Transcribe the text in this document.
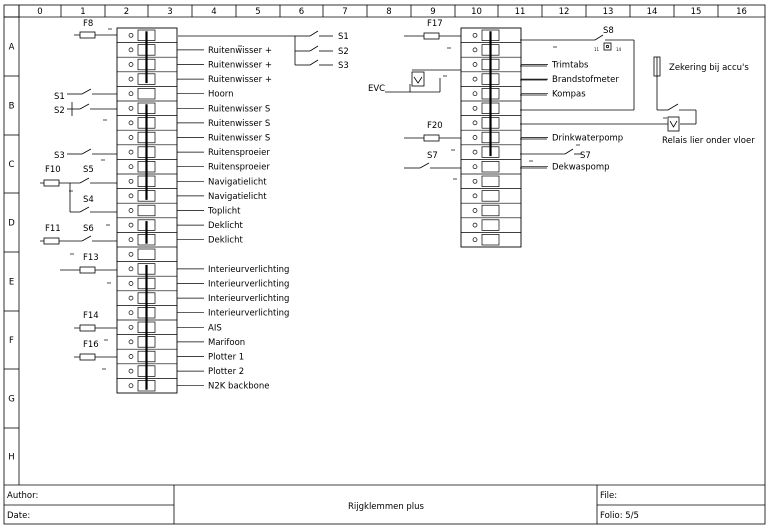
0	1	2	3	4	5	6	7	8	9	10	11	12	13	14	15	16
A
B
C
D
E
F
G
H
Ruitenwisser +
Ruitenwisser +
Ruitenwisser +
Hoorn
Ruitenwisser S
Ruitenwisser S
Ruitenwisser S
Ruitensproeier
Ruitensproeier
Navigatielicht
Navigatielicht
Toplicht
Deklicht
Deklicht
Interieurverlichting
Interieurverlichting
Interieurverlichting
Interieurverlichting
AIS
Marifoon
Plotter 1
Plotter 2
N2K backbone
Trimtabs
Brandstofmeter
Kompas
Drinkwaterpomp
Dekwaspomp
F8
S1
S2
S3
S5
F10
S4
F11	S6
F13
F14
F16
S1
S2
S3
F17
EVC
F20
S7	S7
S8
11	14
Zekering bij accu's
Relais lier onder vloer
Author:
Date:
Rijgklemmen plus
File:
Folio: 5/5
